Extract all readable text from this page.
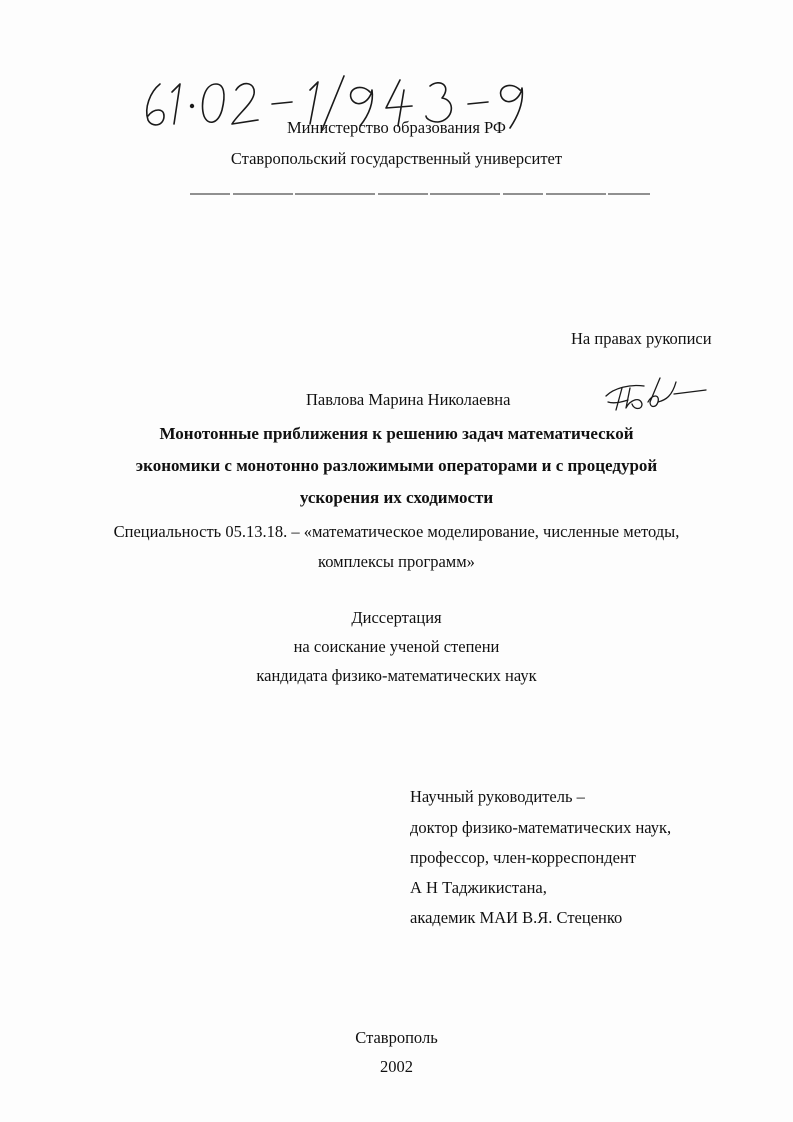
Министерство образования РФ
Ставропольский государственный университет
На правах рукописи
Павлова Марина Николаевна
Монотонные приближения к решению задач математической
экономики с монотонно разложимыми операторами и с процедурой
ускорения их сходимости
Специальность 05.13.18. – «математическое моделирование, численные методы,
комплексы программ»
Диссертация
на соискание ученой степени
кандидата физико-математических наук
Научный руководитель –
доктор физико-математических наук,
профессор, член-корреспондент
А Н Таджикистана,
академик МАИ В.Я. Стеценко
Ставрополь
2002
